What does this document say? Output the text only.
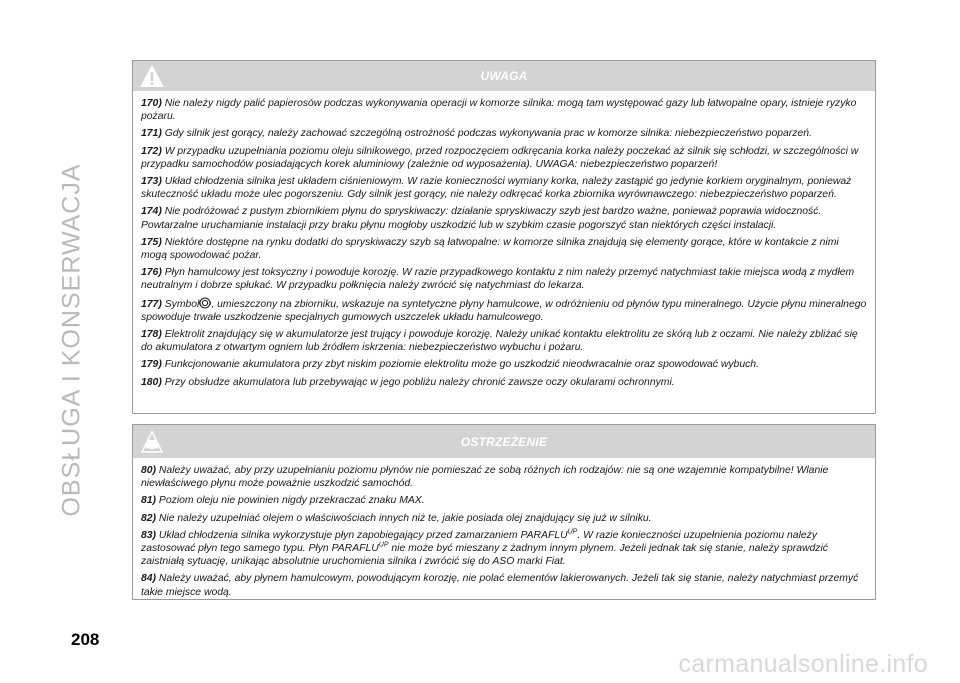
OBSŁUGA I KONSERWACJA
UWAGA
170) Nie należy nigdy palić papierosów podczas wykonywania operacji w komorze silnika: mogą tam występować gazy lub łatwopalne opary, istnieje ryzyko pożaru.
171) Gdy silnik jest gorący, należy zachować szczególną ostrożność podczas wykonywania prac w komorze silnika: niebezpieczeństwo poparzeń.
172) W przypadku uzupełniania poziomu oleju silnikowego, przed rozpoczęciem odkręcania korka należy poczekać aż silnik się schłodzi, w szczególności w przypadku samochodów posiadających korek aluminiowy (zależnie od wyposażenia). UWAGA: niebezpieczeństwo poparzeń!
173) Układ chłodzenia silnika jest układem ciśnieniowym. W razie konieczności wymiany korka, należy zastąpić go jedynie korkiem oryginalnym, ponieważ skuteczność układu może ulec pogorszeniu. Gdy silnik jest gorący, nie należy odkręcać korka zbiornika wyrównawczego: niebezpieczeństwo poparzeń.
174) Nie podróżować z pustym zbiornikiem płynu do spryskiwaczy: działanie spryskiwaczy szyb jest bardzo ważne, ponieważ poprawia widoczność. Powtarzalne uruchamianie instalacji przy braku płynu mogłoby uszkodzić lub w szybkim czasie pogorszyć stan niektórych części instalacji.
175) Niektóre dostępne na rynku dodatki do spryskiwaczy szyb są łatwopalne: w komorze silnika znajdują się elementy gorące, które w kontakcie z nimi mogą spowodować pożar.
176) Płyn hamulcowy jest toksyczny i powoduje korozję. W razie przypadkowego kontaktu z nim należy przemyć natychmiast takie miejsca wodą z mydłem neutralnym i dobrze spłukać. W przypadku połknięcia należy zwrócić się natychmiast do lekarza.
177) Symbol , umieszczony na zbiorniku, wskazuje na syntetyczne płyny hamulcowe, w odróżnieniu od płynów typu mineralnego. Użycie płynu mineralnego spowoduje trwałe uszkodzenie specjalnych gumowych uszczelek układu hamulcowego.
178) Elektrolit znajdujący się w akumulatorze jest trujący i powoduje korozję. Należy unikać kontaktu elektrolitu ze skórą lub z oczami. Nie należy zbliżać się do akumulatora z otwartym ogniem lub źródłem iskrzenia: niebezpieczeństwo wybuchu i pożaru.
179) Funkcjonowanie akumulatora przy zbyt niskim poziomie elektrolitu może go uszkodzić nieodwracalnie oraz spowodować wybuch.
180) Przy obsłudze akumulatora lub przebywając w jego pobliżu należy chronić zawsze oczy okularami ochronnymi.
OSTRZEŻENIE
80) Należy uważać, aby przy uzupełnianiu poziomu płynów nie pomieszać ze sobą różnych ich rodzajów: nie są one wzajemnie kompatybilne! Wlanie niewłaściwego płynu może poważnie uszkodzić samochód.
81) Poziom oleju nie powinien nigdy przekraczać znaku MAX.
82) Nie należy uzupełniać olejem o właściwościach innych niż te, jakie posiada olej znajdujący się już w silniku.
83) Układ chłodzenia silnika wykorzystuje płyn zapobiegający przed zamarzaniem $PARAFLU^{UP}$. W razie konieczności uzupełnienia poziomu należy zastosować płyn tego samego typu. Płyn $PARAFLU^{UP}$ nie może być mieszany z żadnym innym płynem. Jeżeli jednak tak się stanie, należy sprawdzić zaistniałą sytuację, unikając absolutnie uruchomienia silnika i zwrócić się do ASO marki Fiat.
84) Należy uważać, aby płynem hamulcowym, powodującym korozję, nie polać elementów lakierowanych. Jeżeli tak się stanie, należy natychmiast przemyć takie miejsce wodą.
208
carmanualsonline.info
